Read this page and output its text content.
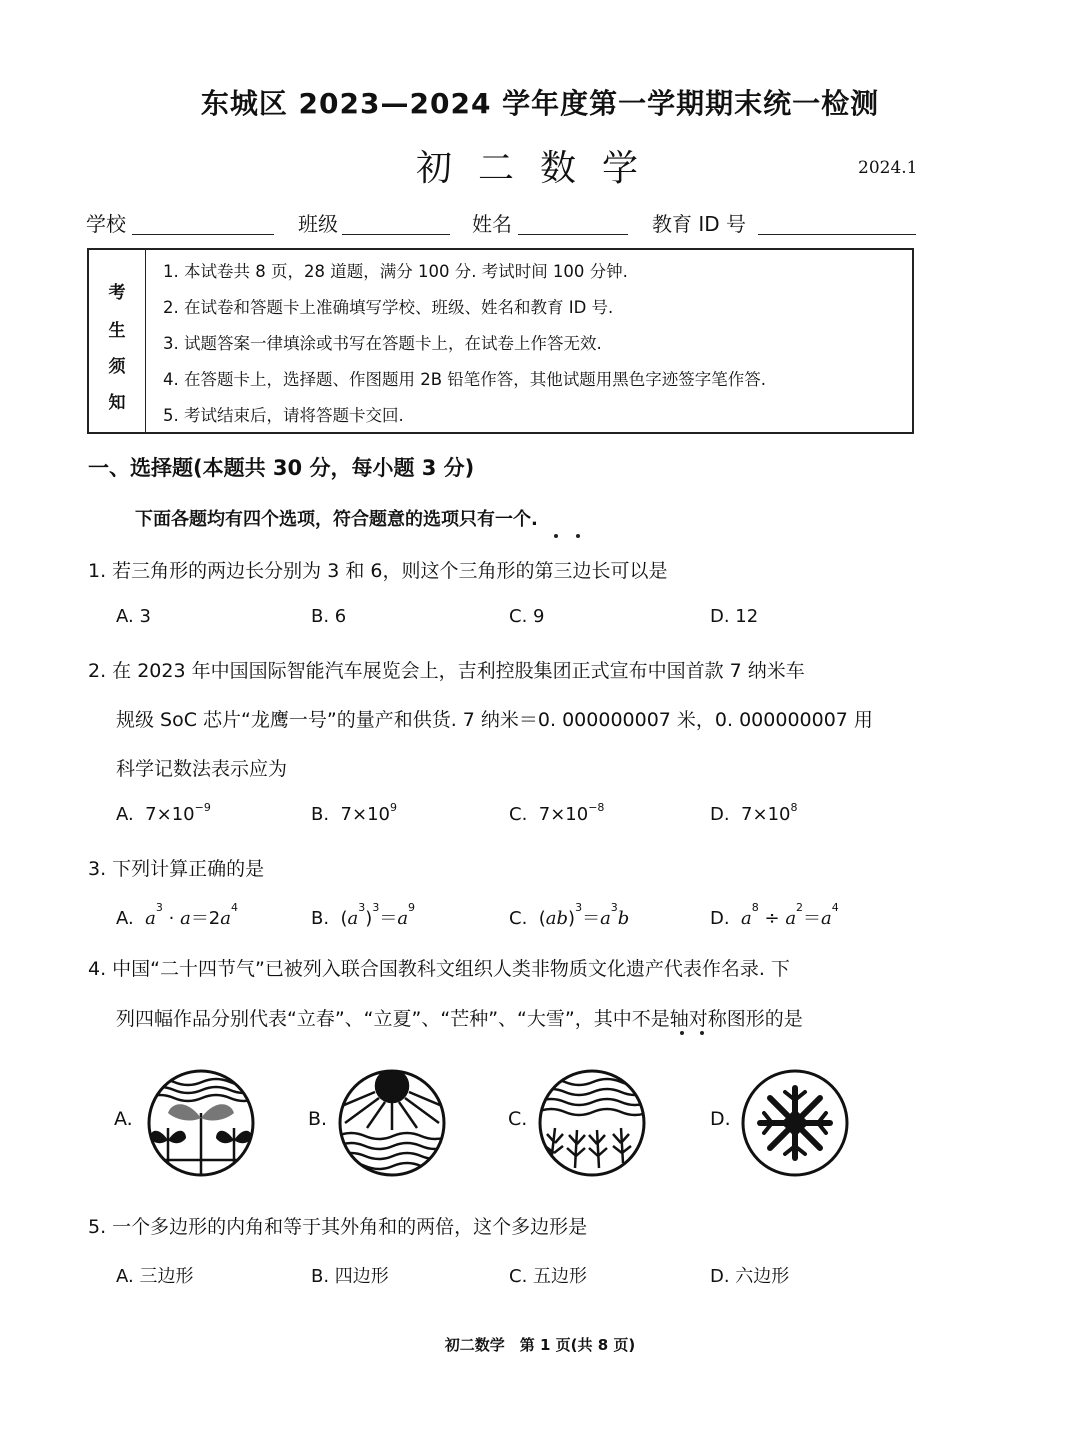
东城区 2023—2024 学年度第一学期期末统一检测
初二数学	2024.1
学校	班级	姓名	教育 ID 号
考
生
须
知
1. 本试卷共 8 页，28 道题，满分 100 分. 考试时间 100 分钟.
2. 在试卷和答题卡上准确填写学校、班级、姓名和教育 ID 号.
3. 试题答案一律填涂或书写在答题卡上，在试卷上作答无效.
4. 在答题卡上，选择题、作图题用 2B 铅笔作答，其他试题用黑色字迹签字笔作答.
5. 考试结束后，请将答题卡交回.
一、选择题(本题共 30 分，每小题 3 分)
下面各题均有四个选项，符合题意的选项只有一个.
1. 若三角形的两边长分别为 3 和 6，则这个三角形的第三边长可以是
A. 3	B. 6	C. 9	D. 12
2. 在 2023 年中国国际智能汽车展览会上，吉利控股集团正式宣布中国首款 7 纳米车
规级 SoC 芯片“龙鹰一号”的量产和供货. 7 纳米＝0. 000000007 米，0. 000000007 用
科学记数法表示应为
A. $7\times 10^{-9}$	B. $7\times 10^9$	C. $7\times 10^{-8}$	D. $7\times 10^8$
3. 下列计算正确的是
A. $a^3 \cdot a=2a^4$
B.  $(a^3)^3=a^9$
C.  $(ab)^3=a^3b$	D. $a^8 \div a^2=a^4$
4. 中国“二十四节气”已被列入联合国教科文组织人类非物质文化遗产代表作名录. 下
列四幅作品分别代表“立春”、“立夏”、“芒种”、“大雪”，其中不是轴对称图形的是
A.	B.	C.	D.
5. 一个多边形的内角和等于其外角和的两倍，这个多边形是
A. 三边形	B. 四边形	C. 五边形	D. 六边形
初二数学　第 1 页(共 8 页)
